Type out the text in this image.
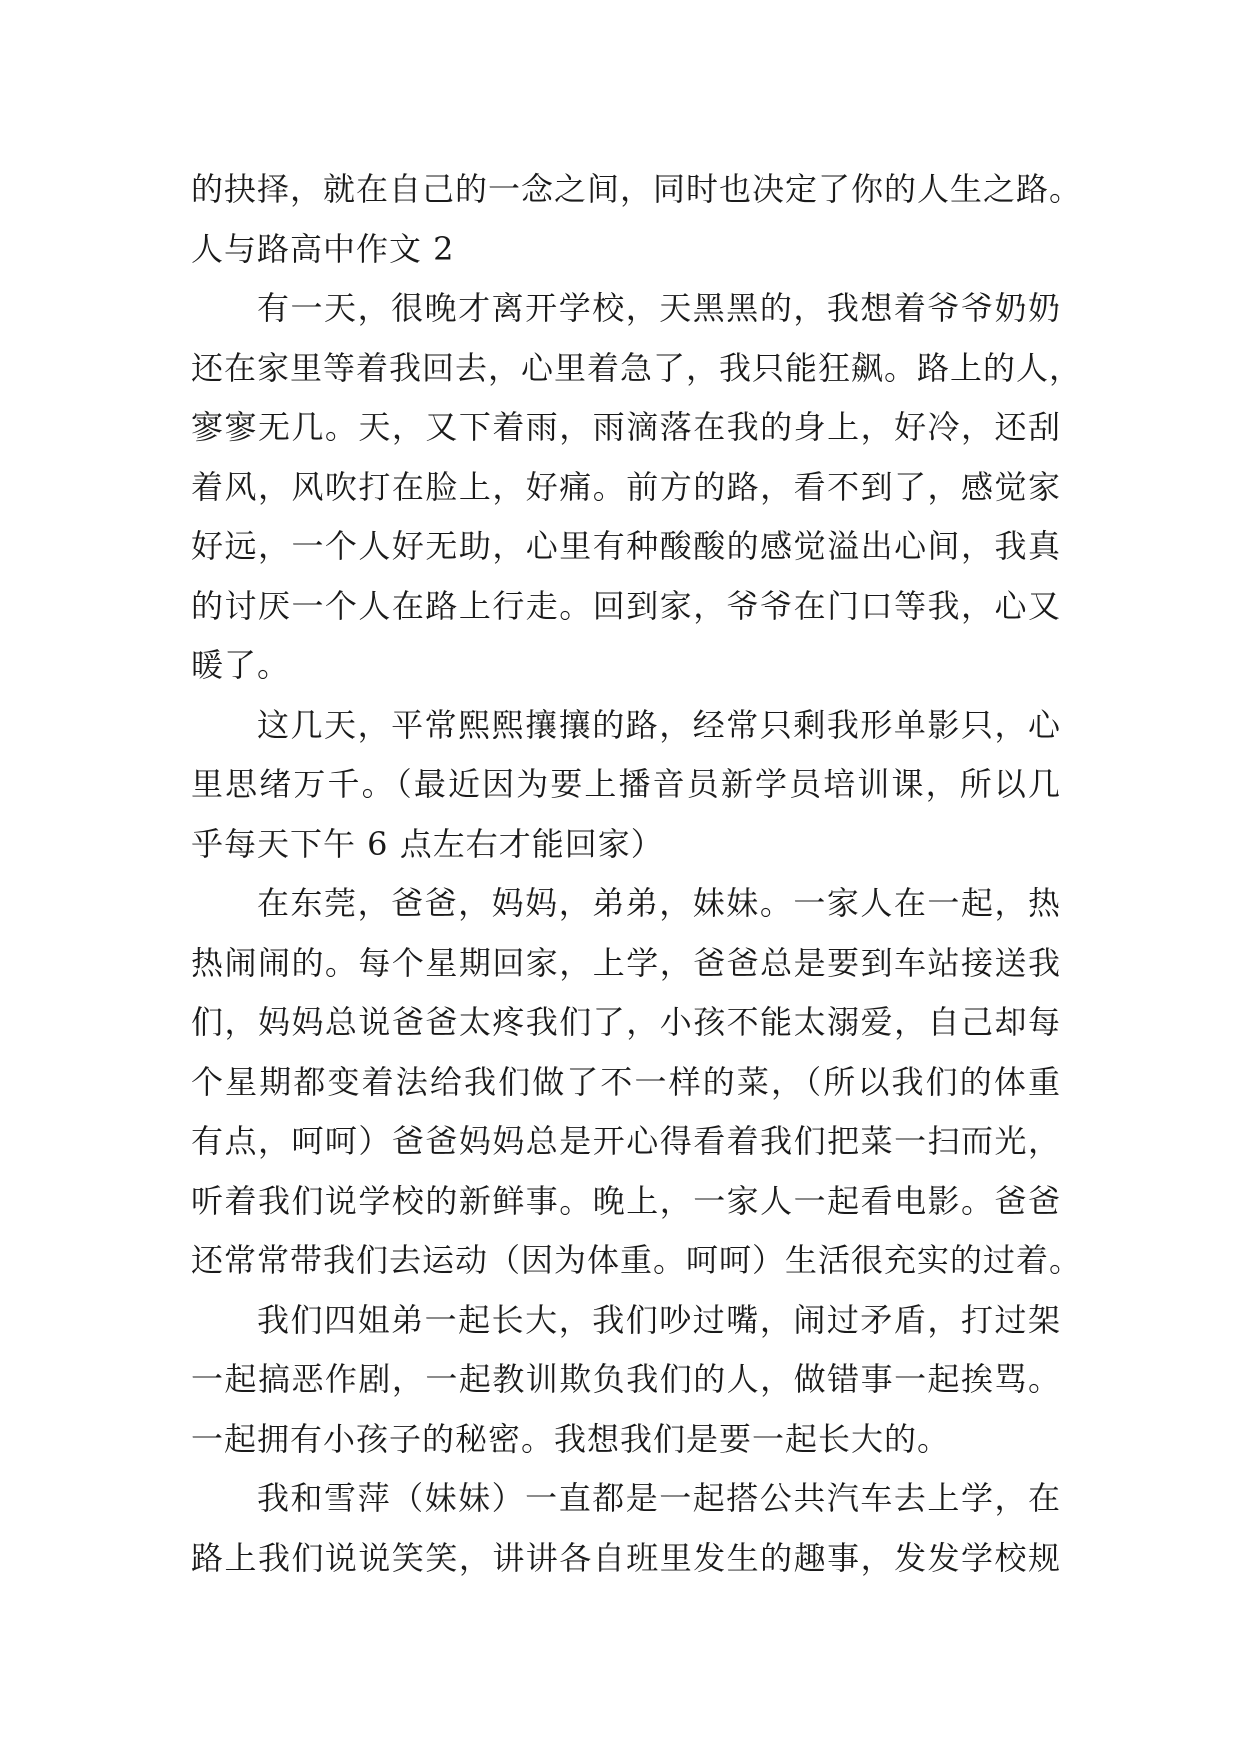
的抉择，就在自己的一念之间，同时也决定了你的人生之路。
人与路高中作文 2
有一天，很晚才离开学校，天黑黑的，我想着爷爷奶奶
还在家里等着我回去，心里着急了，我只能狂飙。路上的人，
寥寥无几。天，又下着雨，雨滴落在我的身上，好冷，还刮
着风，风吹打在脸上，好痛。前方的路，看不到了，感觉家
好远，一个人好无助，心里有种酸酸的感觉溢出心间，我真
的讨厌一个人在路上行走。回到家，爷爷在门口等我，心又
暖了。
这几天，平常熙熙攘攘的路，经常只剩我形单影只，心
里思绪万千。（最近因为要上播音员新学员培训课，所以几
乎每天下午 6 点左右才能回家）
在东莞，爸爸，妈妈，弟弟，妹妹。一家人在一起，热
热闹闹的。每个星期回家，上学，爸爸总是要到车站接送我
们，妈妈总说爸爸太疼我们了，小孩不能太溺爱，自己却每
个星期都变着法给我们做了不一样的菜，（所以我们的体重
有点，呵呵）爸爸妈妈总是开心得看着我们把菜一扫而光，
听着我们说学校的新鲜事。晚上，一家人一起看电影。爸爸
还常常带我们去运动（因为体重。呵呵）生活很充实的过着。
我们四姐弟一起长大，我们吵过嘴，闹过矛盾，打过架
一起搞恶作剧，一起教训欺负我们的人，做错事一起挨骂。
一起拥有小孩子的秘密。我想我们是要一起长大的。
我和雪萍（妹妹）一直都是一起搭公共汽车去上学，在
路上我们说说笑笑，讲讲各自班里发生的趣事，发发学校规
